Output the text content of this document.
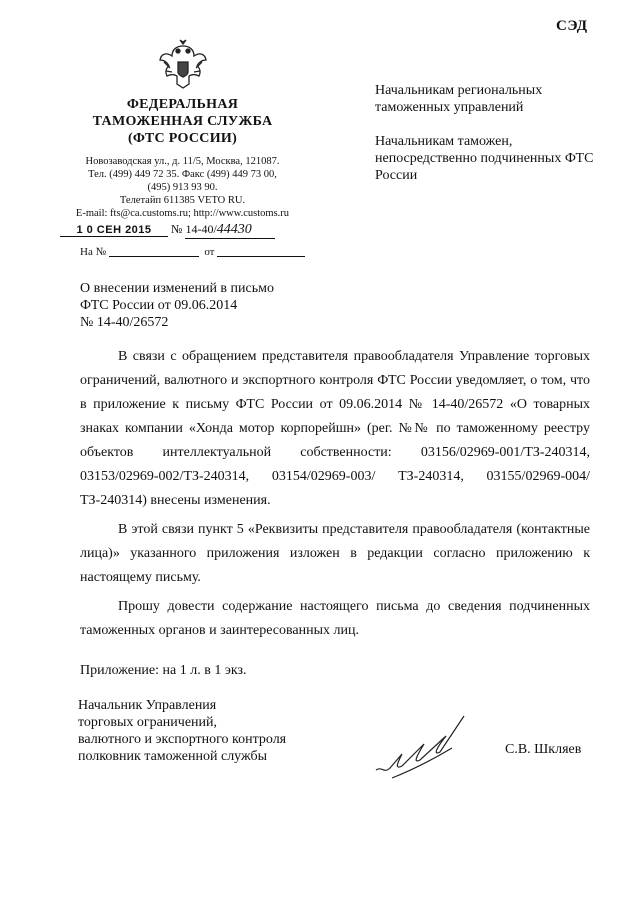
СЭД
ФЕДЕРАЛЬНАЯ
ТАМОЖЕННАЯ СЛУЖБА
(ФТС РОССИИ)
Новозаводская ул., д. 11/5, Москва, 121087.
Тел. (499) 449 72 35. Факс (499) 449 73 00,
(495) 913 93 90.
Телетайп 611385 VETO RU.
E-mail: fts@ca.customs.ru; http://www.customs.ru
1 0 СЕН 2015 № 14-40/44430
На №	от

Начальникам региональных таможенных управлений

Начальникам таможен, непосредственно подчиненных ФТС России

О внесении изменений в письмо
ФТС России от 09.06.2014
№ 14-40/26572

В связи с обращением представителя правообладателя Управление торговых ограничений, валютного и экспортного контроля ФТС России уведомляет, о том, что в приложение к письму ФТС России от 09.06.2014 № 14-40/26572 «О товарных знаках компании «Хонда мотор корпорейшн» (рег. №№ по таможенному реестру объектов интеллектуальной собственности: 03156/02969-001/ТЗ-240314, 03153/02969-002/ТЗ-240314, 03154/02969-003/ ТЗ-240314, 03155/02969-004/ТЗ-240314) внесены изменения.

В этой связи пункт 5 «Реквизиты представителя правообладателя (контактные лица)» указанного приложения изложен в редакции согласно приложению к настоящему письму.

Прошу довести содержание настоящего письма до сведения подчиненных таможенных органов и заинтересованных лиц.

Приложение: на 1 л. в 1 экз.
Начальник Управления
торговых ограничений,
валютного и экспортного контроля
полковник таможенной службы	С.В. Шкляев
